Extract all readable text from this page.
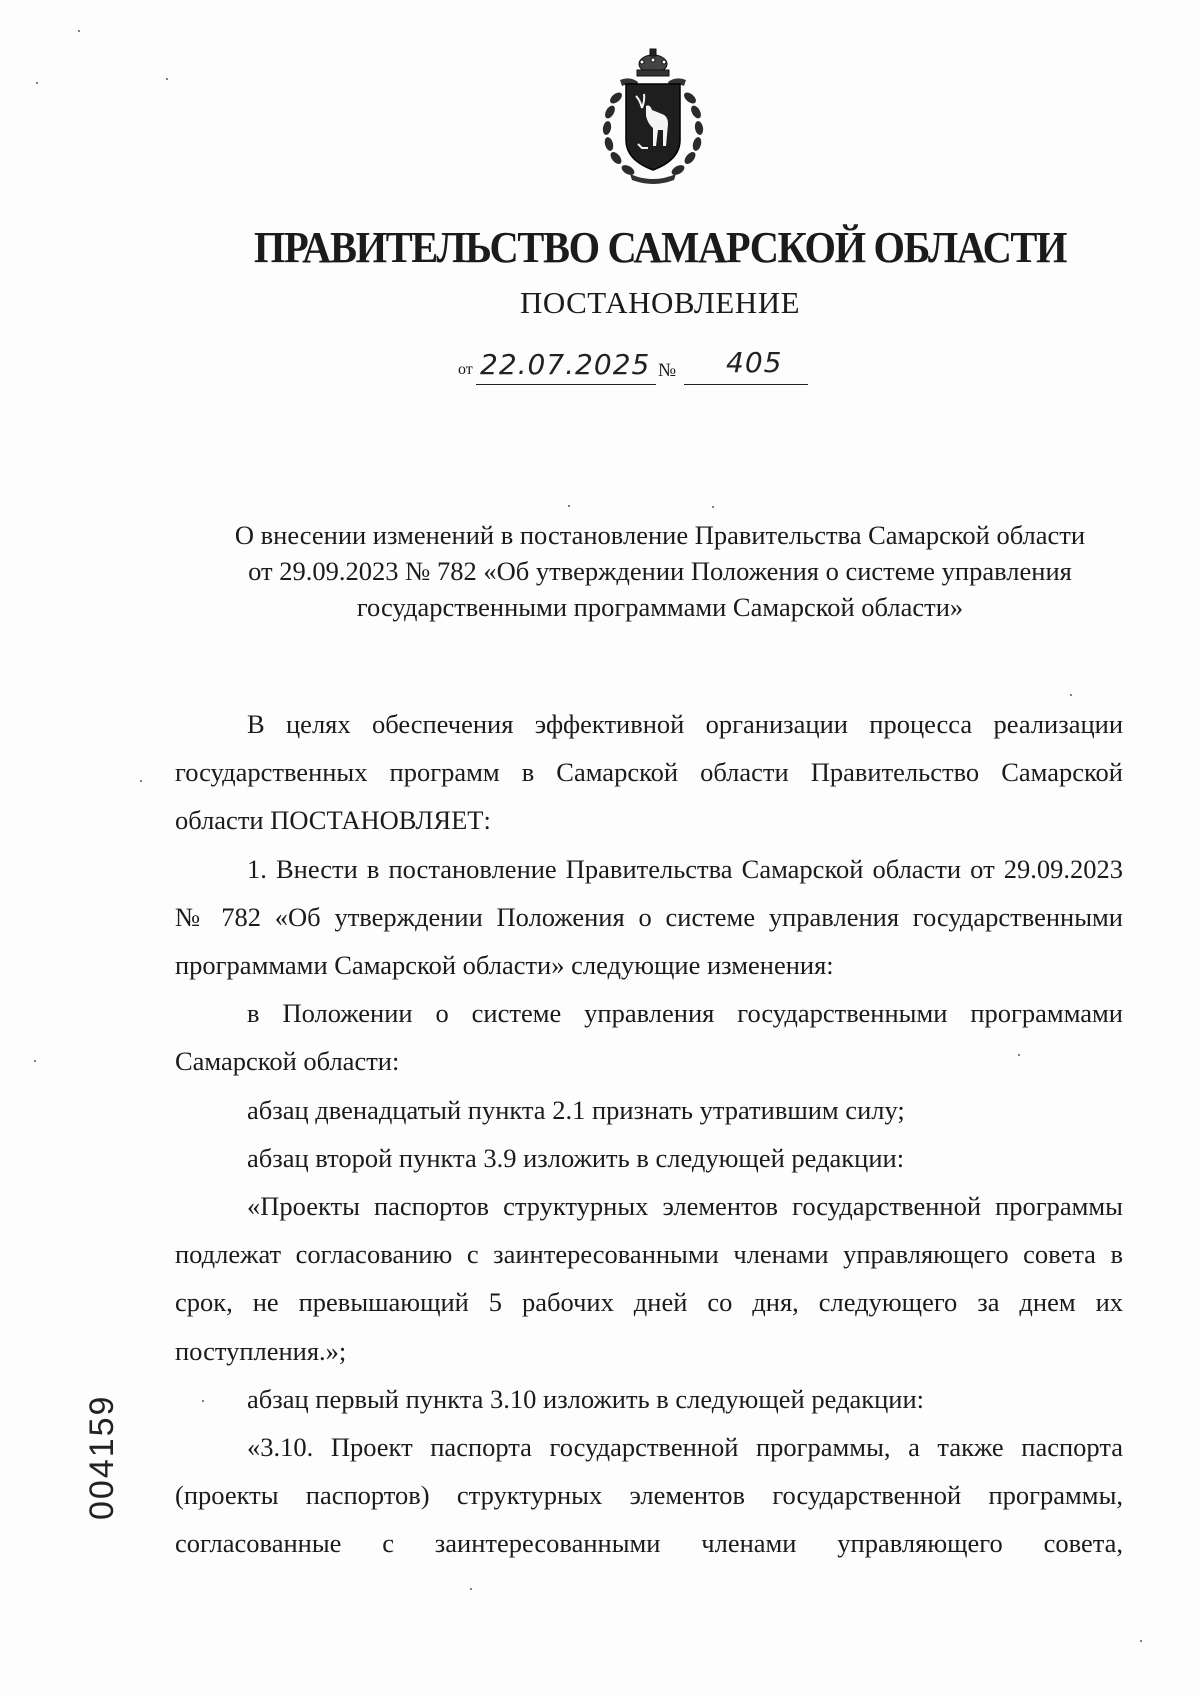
ПРАВИТЕЛЬСТВО САМАРСКОЙ ОБЛАСТИ
ПОСТАНОВЛЕНИЕ
от 22.07.2025 № 405
О внесении изменений в постановление Правительства Самарской области
от 29.09.2023 № 782 «Об утверждении Положения о системе управления
государственными программами Самарской области»

В целях обеспечения эффективной организации процесса реализации государственных программ в Самарской области Правительство Самарской области ПОСТАНОВЛЯЕТ:

1. Внести в постановление Правительства Самарской области от 29.09.2023 № 782 «Об утверждении Положения о системе управления государственными программами Самарской области» следующие изменения:

в Положении о системе управления государственными программами Самарской области:

абзац двенадцатый пункта 2.1 признать утратившим силу;

абзац второй пункта 3.9 изложить в следующей редакции:

«Проекты паспортов структурных элементов государственной программы подлежат согласованию с заинтересованными членами управляющего совета в срок, не превышающий 5 рабочих дней со дня, следующего за днем их поступления.»;

абзац первый пункта 3.10 изложить в следующей редакции:

«3.10. Проект паспорта государственной программы, а также паспорта (проекты паспортов) структурных элементов государственной программы, согласованные с заинтересованными членами управляющего совета,

004159
